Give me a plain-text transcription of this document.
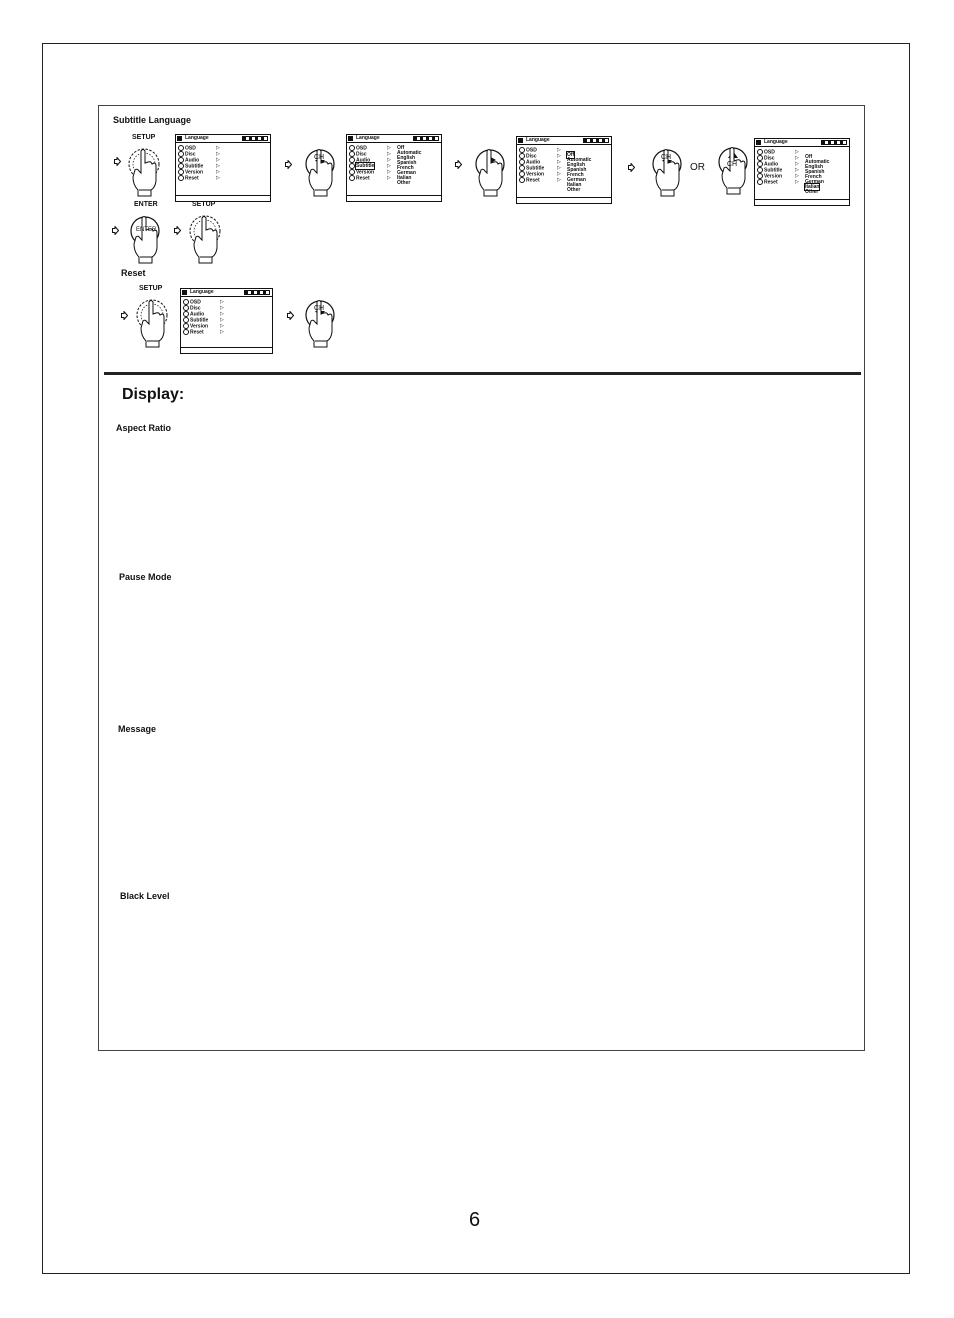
Subtitle Language
Reset
Display:
Aspect Ratio
Pause Mode
Message
Black Level
6
SETUP	Language
OSD	▷
Disc	▷
Audio	▷
Subtitle	▷
Version	▷
Reset	▷
CH
Language
OSD	▷
Disc	▷
Audio	▷
Subtitle	▷
Version	▷
Reset	▷
Off
Automatic
English
Spanish
French
German
Italian
Other
Language
OSD	▷
Disc	▷
Audio	▷
Subtitle	▷
Version	▷
Reset	▷
Off
Automatic
English
Spanish
French
German
Italian
Other
CH
OR	CH
Language
OSD	▷
Disc	▷
Audio	▷
Subtitle	▷
Version	▷
Reset	▷
Off
Automatic
English
Spanish
French
German
Italian
Other
ENTER
ENTER	SETUP
SETUP	Language
OSD	▷
Disc	▷
Audio	▷
Subtitle ▷
Version ▷
Reset	▷
CH
